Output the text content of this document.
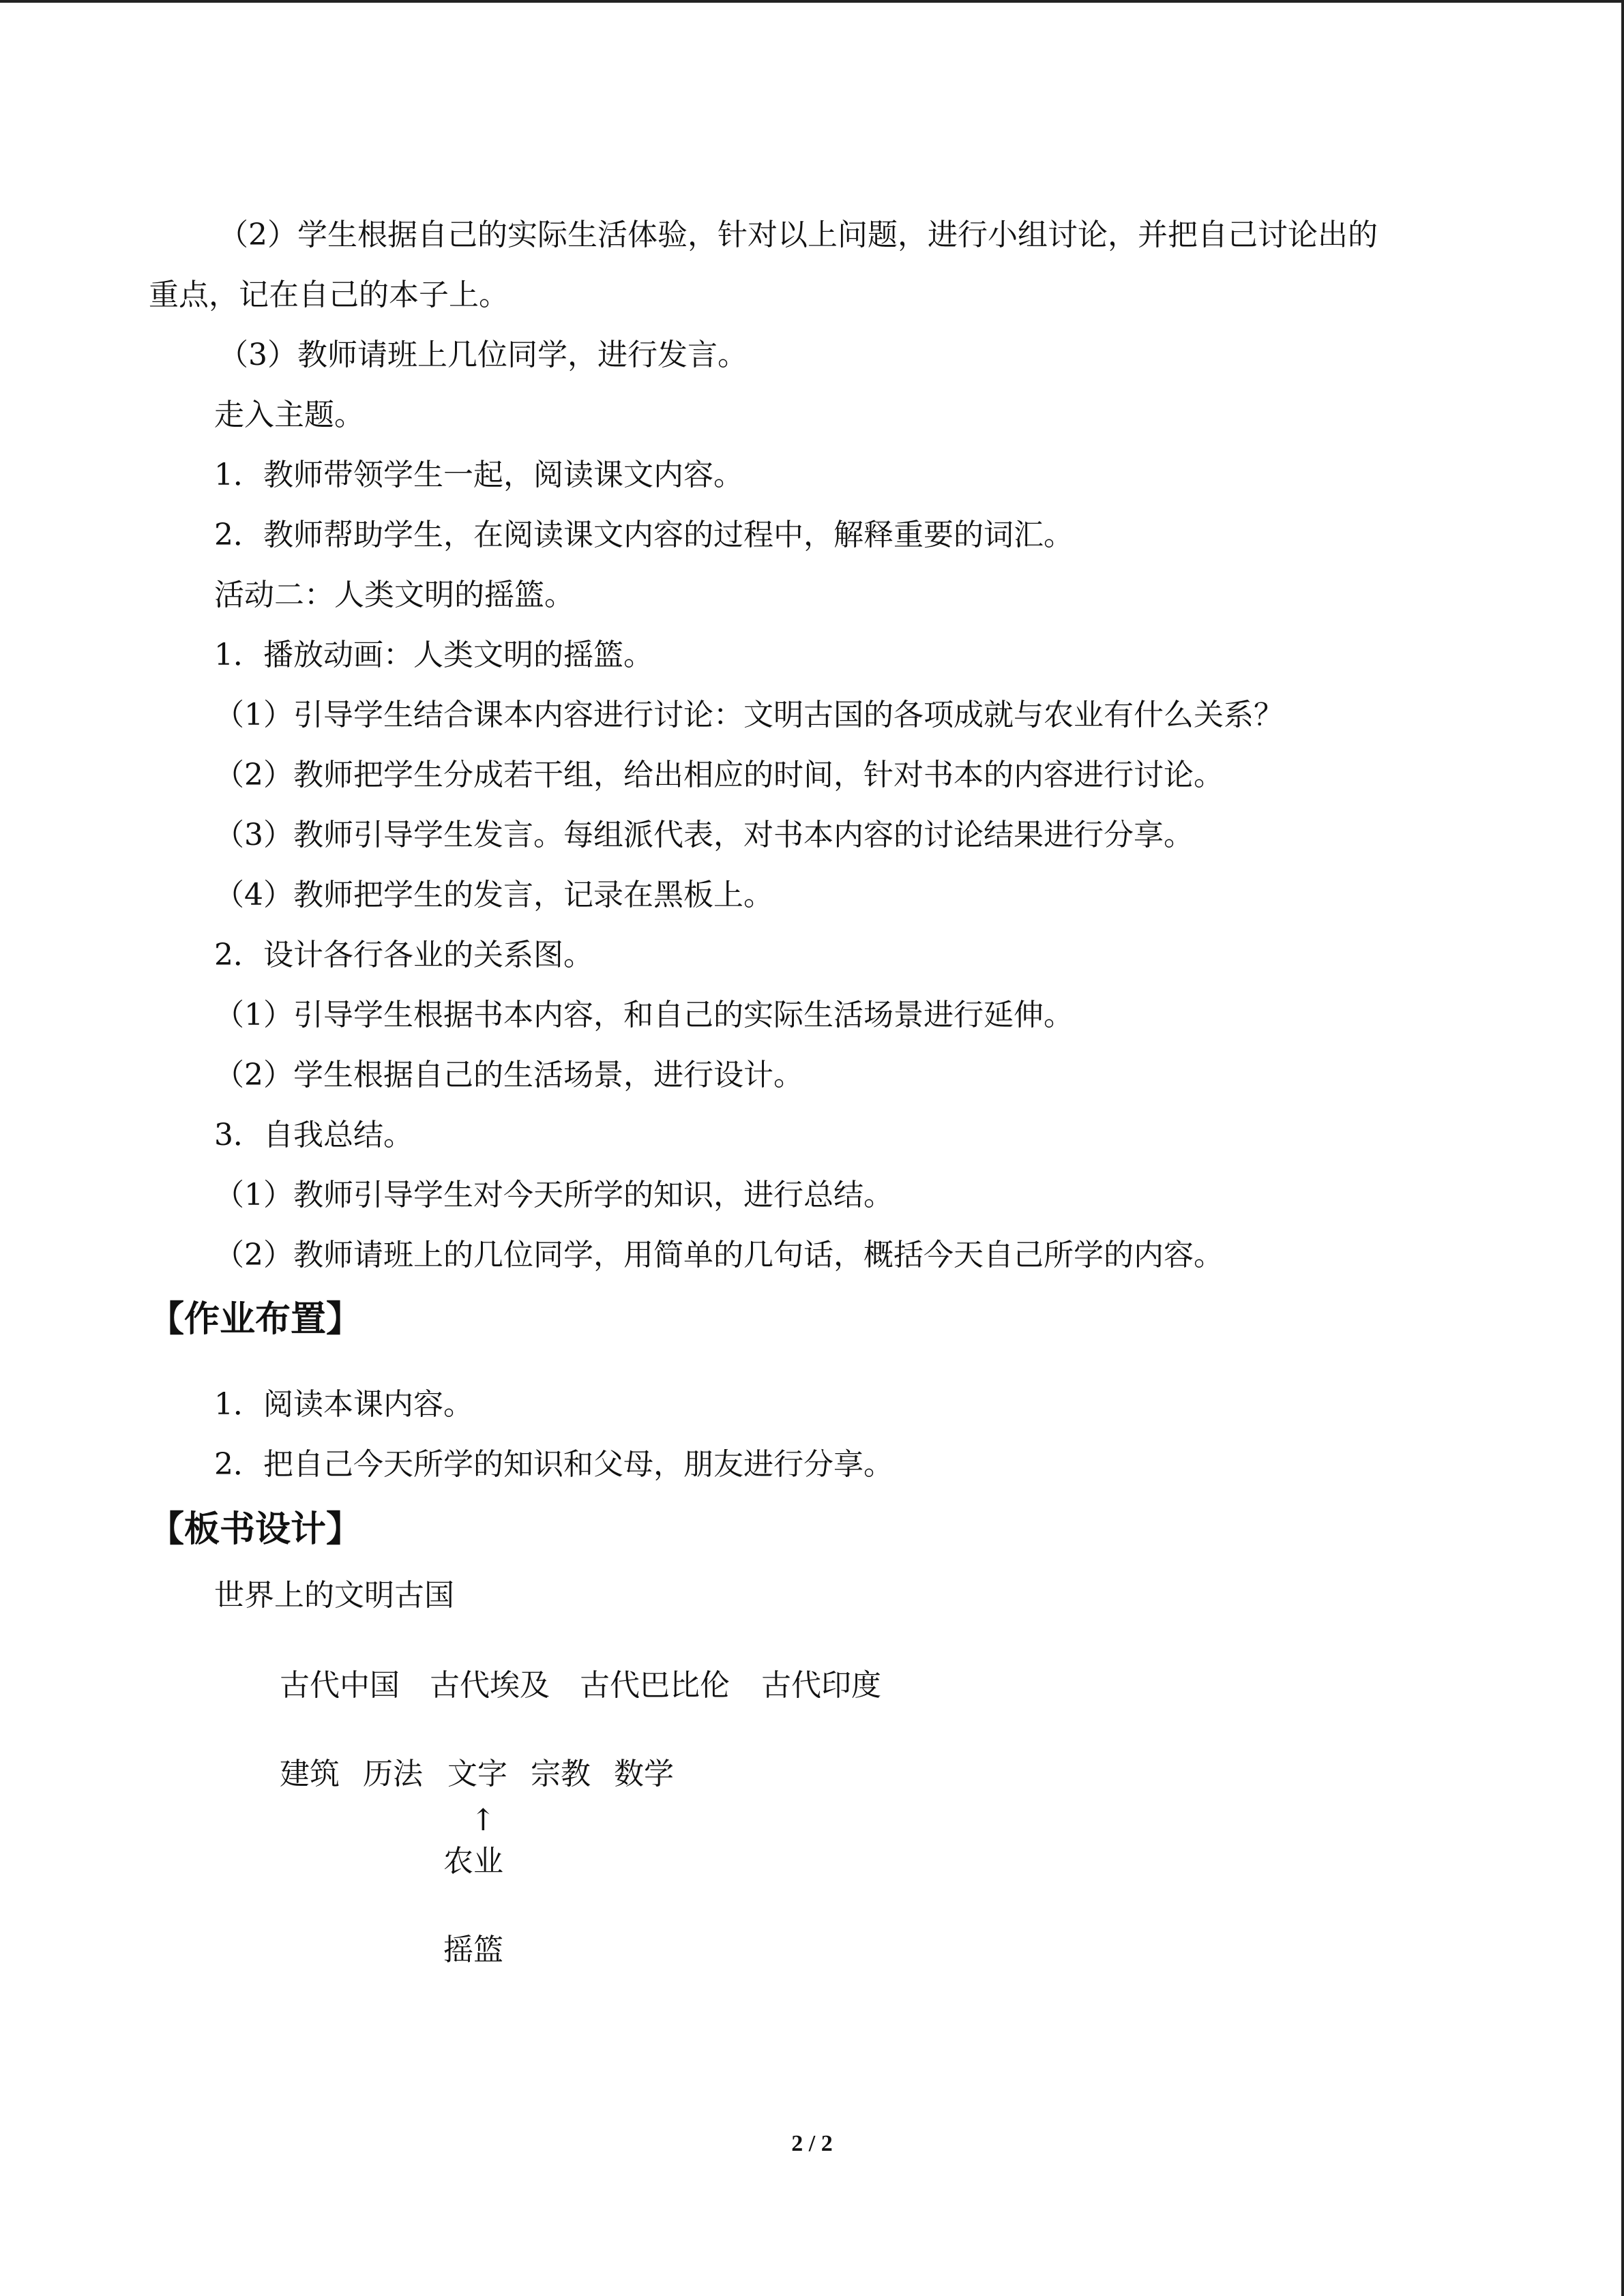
（2）学生根据自己的实际生活体验，针对以上问题，进行小组讨论，并把自己讨论出的
重点，记在自己的本子上。
（3）教师请班上几位同学，进行发言。
走入主题。
1．教师带领学生一起，阅读课文内容。
2．教师帮助学生，在阅读课文内容的过程中，解释重要的词汇。
活动二：人类文明的摇篮。
1．播放动画：人类文明的摇篮。
（1）引导学生结合课本内容进行讨论：文明古国的各项成就与农业有什么关系？
（2）教师把学生分成若干组，给出相应的时间，针对书本的内容进行讨论。
（3）教师引导学生发言。每组派代表，对书本内容的讨论结果进行分享。
（4）教师把学生的发言，记录在黑板上。
2．设计各行各业的关系图。
（1）引导学生根据书本内容，和自己的实际生活场景进行延伸。
（2）学生根据自己的生活场景，进行设计。
3．自我总结。
（1）教师引导学生对今天所学的知识，进行总结。
（2）教师请班上的几位同学，用简单的几句话，概括今天自己所学的内容。
【作业布置】
1．阅读本课内容。
2．把自己今天所学的知识和父母，朋友进行分享。
【板书设计】
世界上的文明古国
古代中国 古代埃及 古代巴比伦 古代印度
建筑 历法 文字 宗教 数学
↑
农业
摇篮
2 / 2
